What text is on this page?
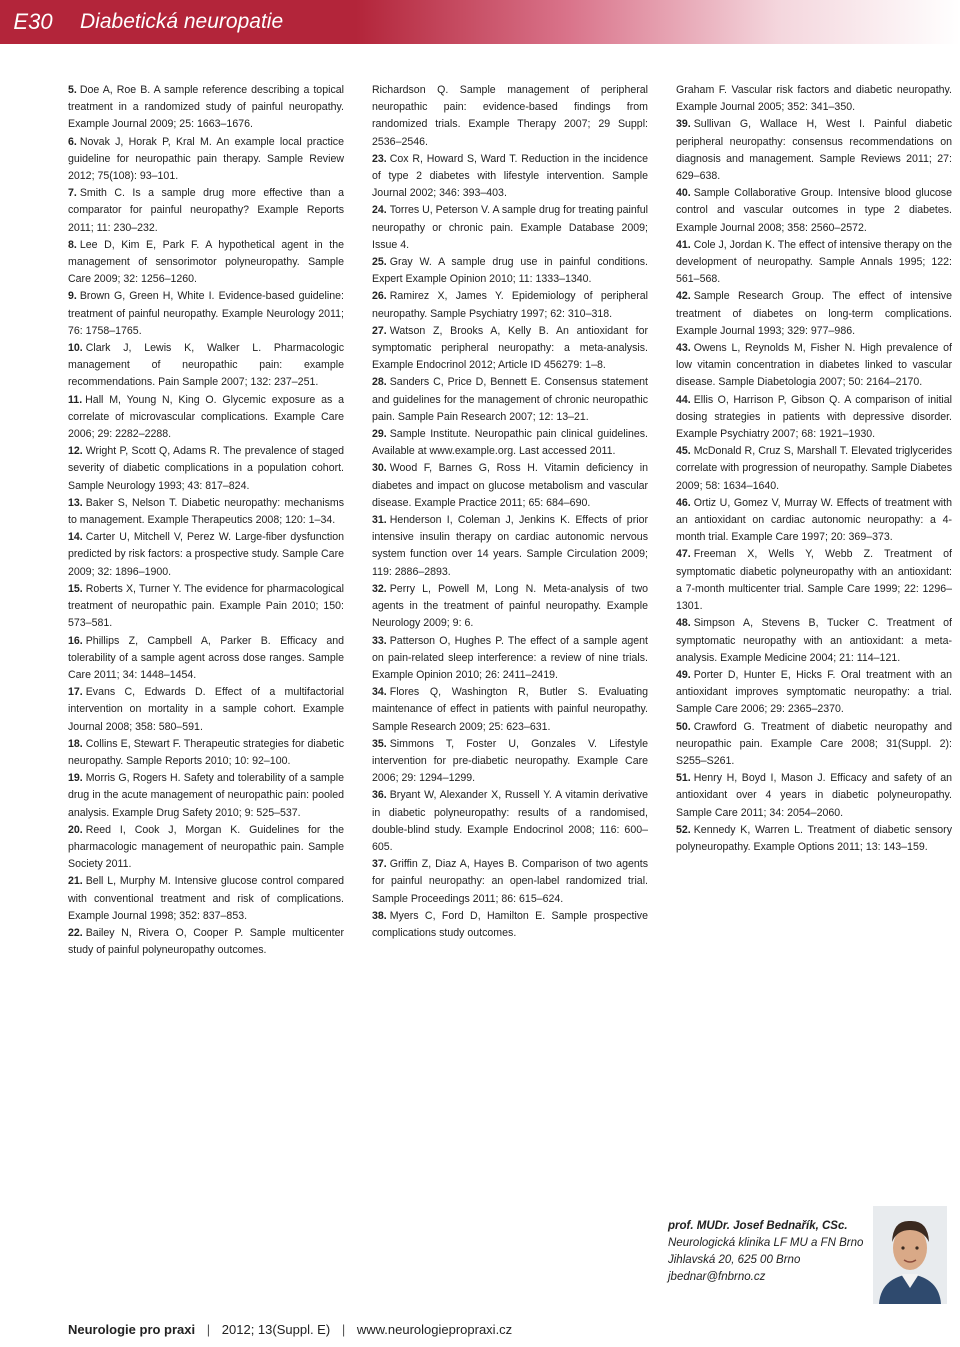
E30	Diabetická neuropatie

5. Doe A, Roe B. A sample reference describing a topical treatment in a randomized study of painful neuropathy. Example Journal 2009; 25: 1663–1676.

6. Novak J, Horak P, Kral M. An example local practice guideline for neuropathic pain therapy. Sample Review 2012; 75(108): 93–101.

7. Smith C. Is a sample drug more effective than a comparator for painful neuropathy? Example Reports 2011; 11: 230–232.

8. Lee D, Kim E, Park F. A hypothetical agent in the management of sensorimotor polyneuropathy. Sample Care 2009; 32: 1256–1260.

9. Brown G, Green H, White I. Evidence-based guideline: treatment of painful neuropathy. Example Neurology 2011; 76: 1758–1765.

10. Clark J, Lewis K, Walker L. Pharmacologic management of neuropathic pain: example recommendations. Pain Sample 2007; 132: 237–251.

11. Hall M, Young N, King O. Glycemic exposure as a correlate of microvascular complications. Example Care 2006; 29: 2282–2288.

12. Wright P, Scott Q, Adams R. The prevalence of staged severity of diabetic complications in a population cohort. Sample Neurology 1993; 43: 817–824.

13. Baker S, Nelson T. Diabetic neuropathy: mechanisms to management. Example Therapeutics 2008; 120: 1–34.

14. Carter U, Mitchell V, Perez W. Large-fiber dysfunction predicted by risk factors: a prospective study. Sample Care 2009; 32: 1896–1900.

15. Roberts X, Turner Y. The evidence for pharmacological treatment of neuropathic pain. Example Pain 2010; 150: 573–581.

16. Phillips Z, Campbell A, Parker B. Efficacy and tolerability of a sample agent across dose ranges. Sample Care 2011; 34: 1448–1454.

17. Evans C, Edwards D. Effect of a multifactorial intervention on mortality in a sample cohort. Example Journal 2008; 358: 580–591.

18. Collins E, Stewart F. Therapeutic strategies for diabetic neuropathy. Sample Reports 2010; 10: 92–100.

19. Morris G, Rogers H. Safety and tolerability of a sample drug in the acute management of neuropathic pain: pooled analysis. Example Drug Safety 2010; 9: 525–537.

20. Reed I, Cook J, Morgan K. Guidelines for the pharmacologic management of neuropathic pain. Sample Society 2011.

21. Bell L, Murphy M. Intensive glucose control compared with conventional treatment and risk of complications. Example Journal 1998; 352: 837–853.

22. Bailey N, Rivera O, Cooper P. Sample multicenter study of painful polyneuropathy outcomes.

Richardson Q. Sample management of peripheral neuropathic pain: evidence-based findings from randomized trials. Example Therapy 2007; 29 Suppl: 2536–2546.

23. Cox R, Howard S, Ward T. Reduction in the incidence of type 2 diabetes with lifestyle intervention. Sample Journal 2002; 346: 393–403.

24. Torres U, Peterson V. A sample drug for treating painful neuropathy or chronic pain. Example Database 2009; Issue 4.

25. Gray W. A sample drug use in painful conditions. Expert Example Opinion 2010; 11: 1333–1340.

26. Ramirez X, James Y. Epidemiology of peripheral neuropathy. Sample Psychiatry 1997; 62: 310–318.

27. Watson Z, Brooks A, Kelly B. An antioxidant for symptomatic peripheral neuropathy: a meta-analysis. Example Endocrinol 2012; Article ID 456279: 1–8.

28. Sanders C, Price D, Bennett E. Consensus statement and guidelines for the management of chronic neuropathic pain. Sample Pain Research 2007; 12: 13–21.

29. Sample Institute. Neuropathic pain clinical guidelines. Available at www.example.org. Last accessed 2011.

30. Wood F, Barnes G, Ross H. Vitamin deficiency in diabetes and impact on glucose metabolism and vascular disease. Example Practice 2011; 65: 684–690.

31. Henderson I, Coleman J, Jenkins K. Effects of prior intensive insulin therapy on cardiac autonomic nervous system function over 14 years. Sample Circulation 2009; 119: 2886–2893.

32. Perry L, Powell M, Long N. Meta-analysis of two agents in the treatment of painful neuropathy. Example Neurology 2009; 9: 6.

33. Patterson O, Hughes P. The effect of a sample agent on pain-related sleep interference: a review of nine trials. Example Opinion 2010; 26: 2411–2419.

34. Flores Q, Washington R, Butler S. Evaluating maintenance of effect in patients with painful neuropathy. Sample Research 2009; 25: 623–631.

35. Simmons T, Foster U, Gonzales V. Lifestyle intervention for pre-diabetic neuropathy. Example Care 2006; 29: 1294–1299.

36. Bryant W, Alexander X, Russell Y. A vitamin derivative in diabetic polyneuropathy: results of a randomised, double-blind study. Example Endocrinol 2008; 116: 600–605.

37. Griffin Z, Diaz A, Hayes B. Comparison of two agents for painful neuropathy: an open-label randomized trial. Sample Proceedings 2011; 86: 615–624.

38. Myers C, Ford D, Hamilton E. Sample prospective complications study outcomes.

Graham F. Vascular risk factors and diabetic neuropathy. Example Journal 2005; 352: 341–350.

39. Sullivan G, Wallace H, West I. Painful diabetic peripheral neuropathy: consensus recommendations on diagnosis and management. Sample Reviews 2011; 27: 629–638.

40. Sample Collaborative Group. Intensive blood glucose control and vascular outcomes in type 2 diabetes. Example Journal 2008; 358: 2560–2572.

41. Cole J, Jordan K. The effect of intensive therapy on the development of neuropathy. Sample Annals 1995; 122: 561–568.

42. Sample Research Group. The effect of intensive treatment of diabetes on long-term complications. Example Journal 1993; 329: 977–986.

43. Owens L, Reynolds M, Fisher N. High prevalence of low vitamin concentration in diabetes linked to vascular disease. Sample Diabetologia 2007; 50: 2164–2170.

44. Ellis O, Harrison P, Gibson Q. A comparison of initial dosing strategies in patients with depressive disorder. Example Psychiatry 2007; 68: 1921–1930.

45. McDonald R, Cruz S, Marshall T. Elevated triglycerides correlate with progression of neuropathy. Sample Diabetes 2009; 58: 1634–1640.

46. Ortiz U, Gomez V, Murray W. Effects of treatment with an antioxidant on cardiac autonomic neuropathy: a 4-month trial. Example Care 1997; 20: 369–373.

47. Freeman X, Wells Y, Webb Z. Treatment of symptomatic diabetic polyneuropathy with an antioxidant: a 7-month multicenter trial. Sample Care 1999; 22: 1296–1301.

48. Simpson A, Stevens B, Tucker C. Treatment of symptomatic neuropathy with an antioxidant: a meta-analysis. Example Medicine 2004; 21: 114–121.

49. Porter D, Hunter E, Hicks F. Oral treatment with an antioxidant improves symptomatic neuropathy: a trial. Sample Care 2006; 29: 2365–2370.

50. Crawford G. Treatment of diabetic neuropathy and neuropathic pain. Example Care 2008; 31(Suppl. 2): S255–S261.

51. Henry H, Boyd I, Mason J. Efficacy and safety of an antioxidant over 4 years in diabetic polyneuropathy. Sample Care 2011; 34: 2054–2060.

52. Kennedy K, Warren L. Treatment of diabetic sensory polyneuropathy. Example Options 2011; 13: 143–159.

prof. MUDr. Josef Bednařík, CSc.
Neurologická klinika LF MU a FN Brno
Jihlavská 20, 625 00 Brno
jbednar@fnbrno.cz
Neurologie pro praxi | 2012; 13(Suppl. E) | www.neurologiepropraxi.cz
